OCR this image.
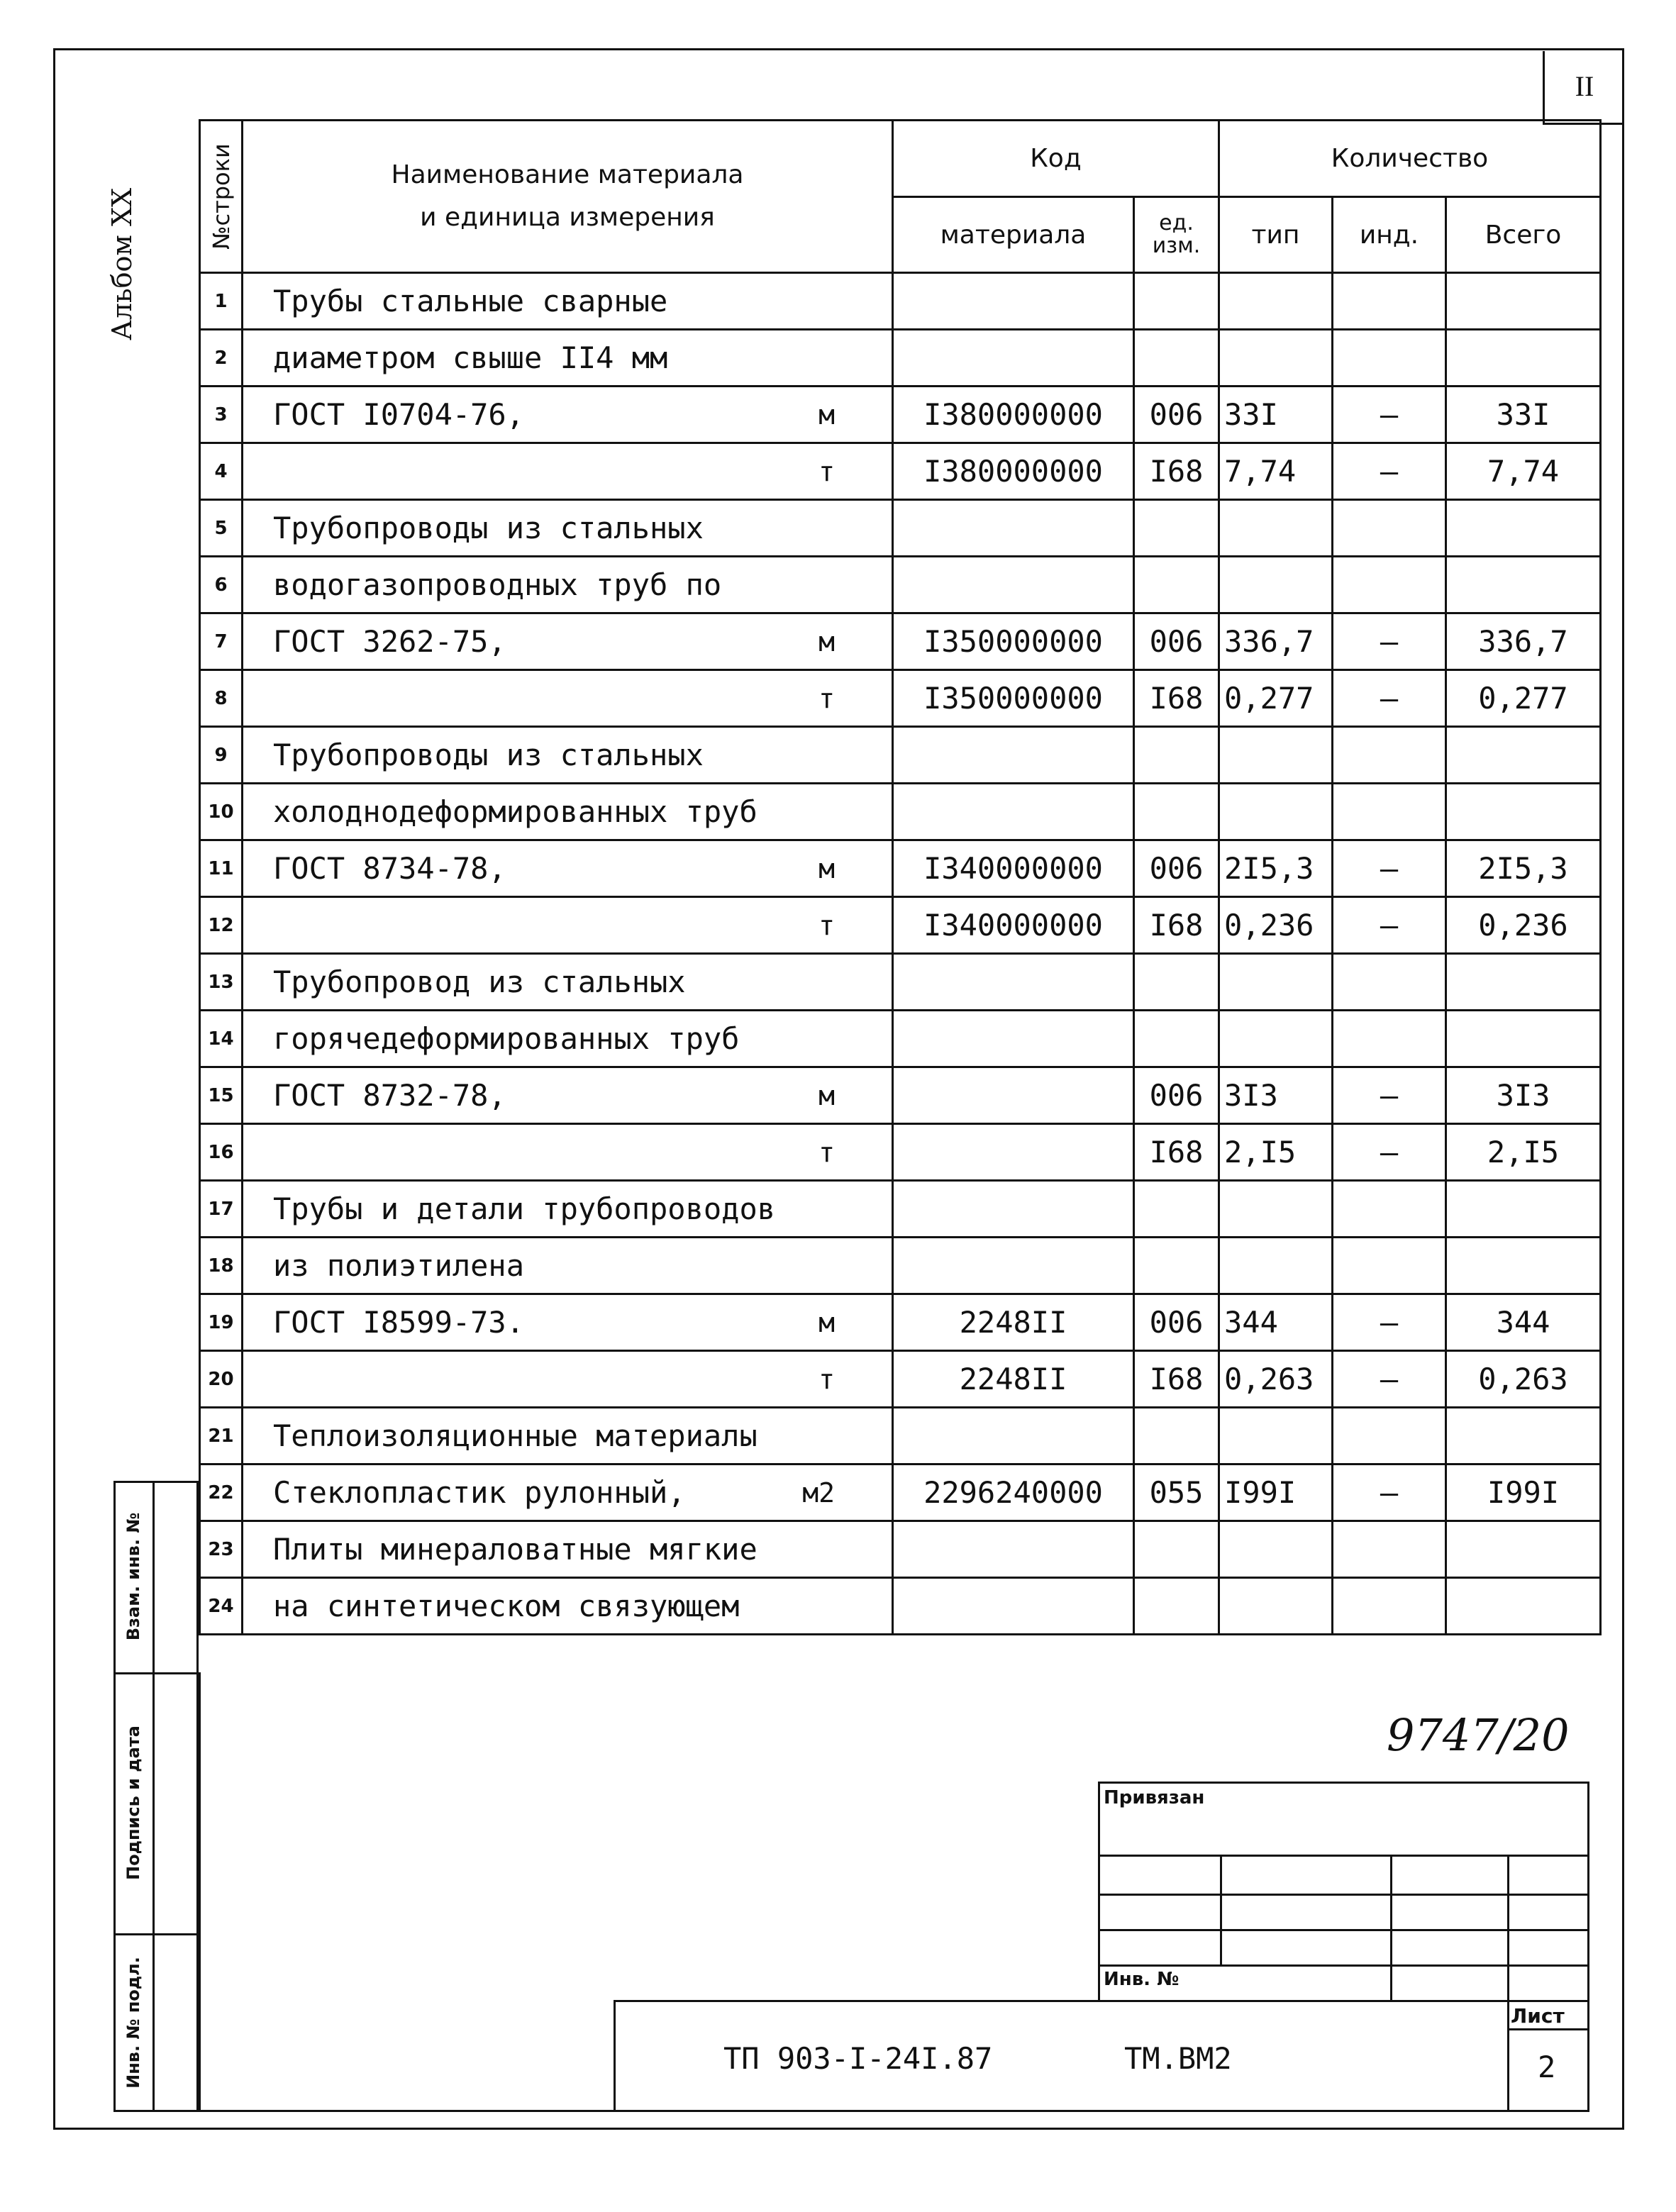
II
Альбом ХХ	№строки	Наименование материала
и единица измерения	Код		Количество		
		материала	ед. изм.	тип	инд.	Всего
1	Трубы стальные сварные

2	диаметром свыше II4 мм

3	ГОСТ I0704-76, м	I380000000	006	33I	–	33I
4	т	I380000000	I68	7,74	–	7,74
5	Трубопроводы из стальных

6	водогазопроводных труб по

7	ГОСТ 3262-75, м	I350000000	006	336,7	–	336,7
8	т	I350000000	I68	0,277	–	0,277
9	Трубопроводы из стальных

10	холоднодеформированных труб

11	ГОСТ 8734-78, м	I340000000	006	2I5,3	–	2I5,3
12	т	I340000000	I68	0,236	–	0,236
13	Трубопровод из стальных

14	горячедеформированных труб

15	ГОСТ 8732-78, м		006	3I3	–	3I3
16	т		I68	2,I5	–	2,I5
17	Трубы и детали трубопроводов

18	из полиэтилена

19	ГОСТ I8599-73. м	2248II	006	344	–	344
20	т	2248II	I68	0,263	–	0,263
21	Теплоизоляционные материалы

22	Стеклопластик рулонный, м2	2296240000	055	I99I	–	I99I
23	Плиты минераловатные мягкие

24	на синтетическом связующем

Взам. инв. №
Подпись и дата
Инв. № подл.
9747/20
Привязан
Инв. №
ТП 903-I-24I.87	ТМ.ВМ2
Лист
2
